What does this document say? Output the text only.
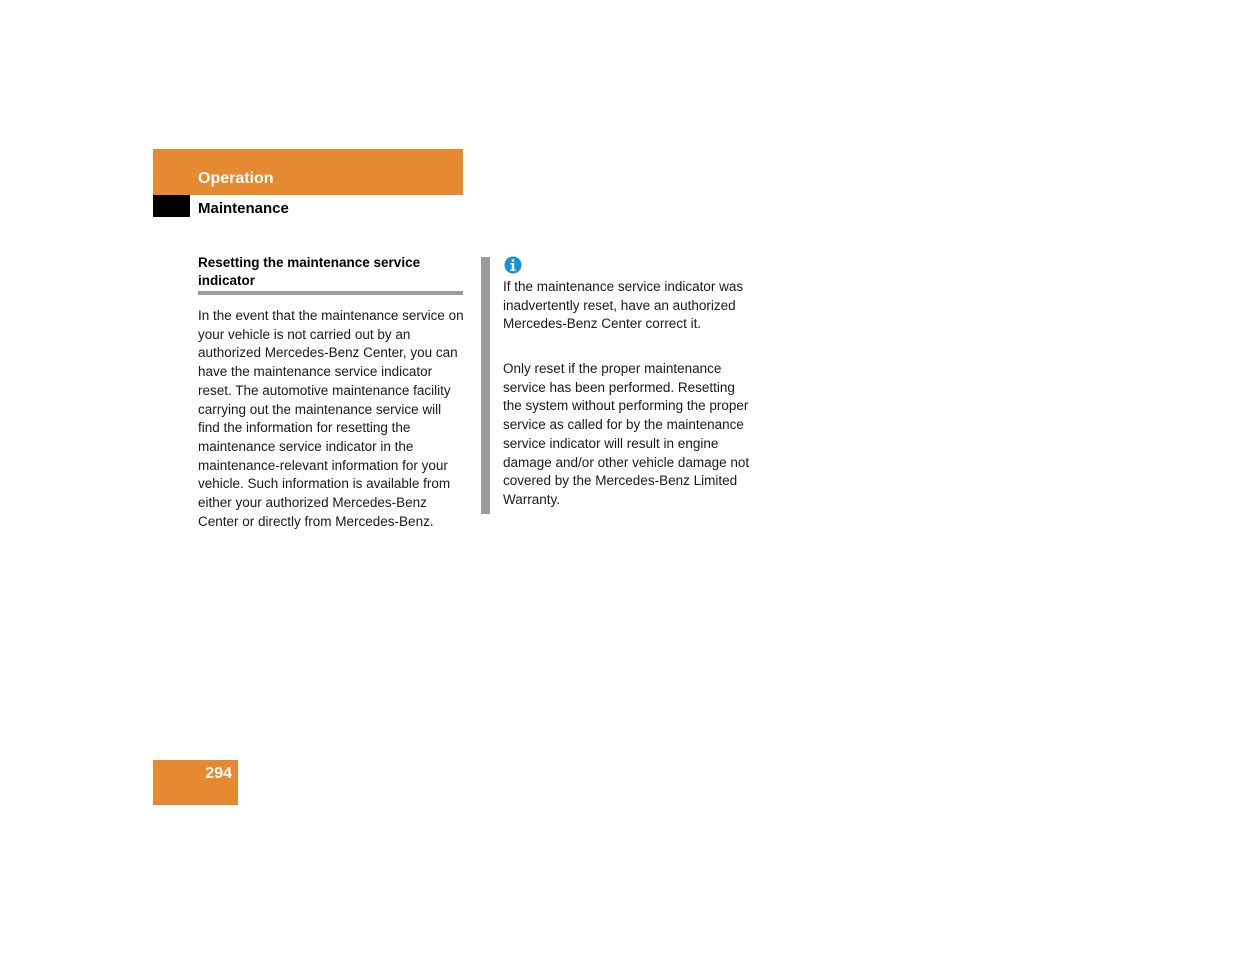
Operation
Maintenance
Resetting the maintenance service indicator

In the event that the maintenance service on your vehicle is not carried out by an authorized Mercedes-Benz Center, you can have the maintenance service indicator reset. The automotive maintenance facility carrying out the maintenance service will find the information for resetting the maintenance service indicator in the maintenance-relevant information for your vehicle. Such information is available from either your authorized Mercedes-Benz Center or directly from Mercedes-Benz.

If the maintenance service indicator was inadvertently reset, have an authorized Mercedes-Benz Center correct it.

Only reset if the proper maintenance service has been performed. Resetting the system without performing the proper service as called for by the maintenance service indicator will result in engine damage and/or other vehicle damage not covered by the Mercedes-Benz Limited Warranty.

294
